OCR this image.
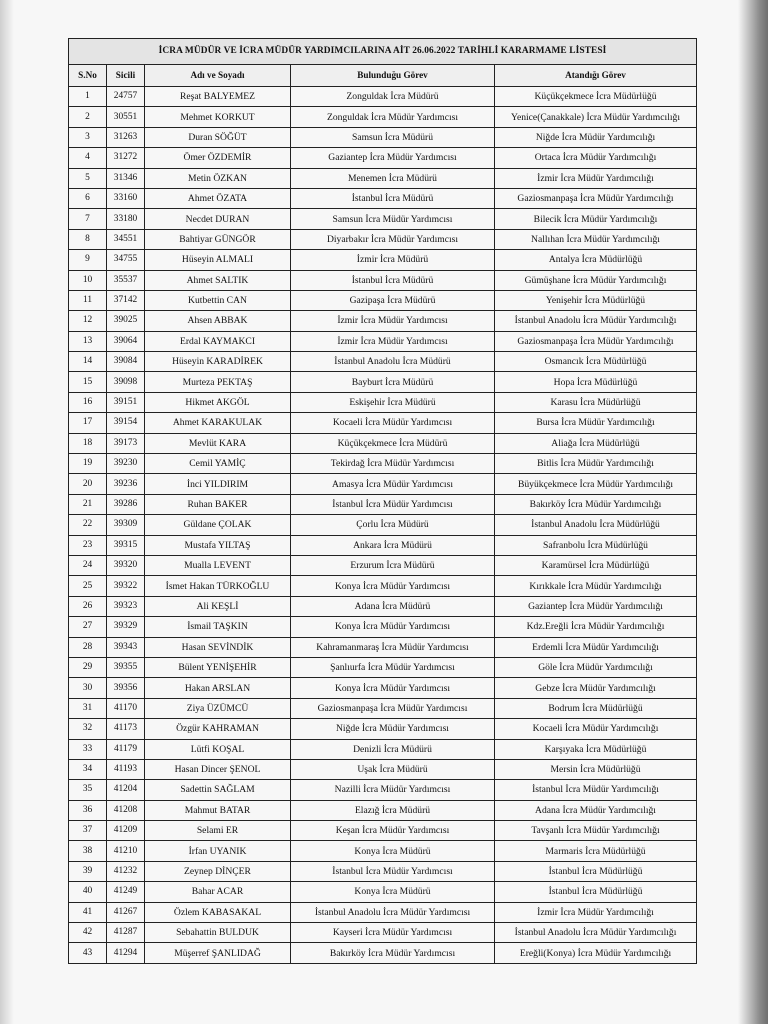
İCRA MÜDÜR VE İCRA MÜDÜR YARDIMCILARINA AİT 26.06.2022 TARİHLİ KARARMAME LİSTESİ				
S.No	Sicili	Adı ve Soyadı	Bulunduğu Görev	Atandığı Görev
1	24757	Reşat BALYEMEZ	Zonguldak İcra Müdürü	Küçükçekmece İcra Müdürlüğü
2	30551	Mehmet KORKUT	Zonguldak İcra Müdür Yardımcısı	Yenice(Çanakkale) İcra Müdür Yardımcılığı
3	31263	Duran SÖĞÜT	Samsun İcra Müdürü	Niğde İcra Müdür Yardımcılığı
4	31272	Ömer ÖZDEMİR	Gaziantep İcra Müdür Yardımcısı	Ortaca İcra Müdür Yardımcılığı
5	31346	Metin ÖZKAN	Menemen İcra Müdürü	İzmir İcra Müdür Yardımcılığı
6	33160	Ahmet ÖZATA	İstanbul İcra Müdürü	Gaziosmanpaşa İcra Müdür Yardımcılığı
7	33180	Necdet DURAN	Samsun İcra Müdür Yardımcısı	Bilecik İcra Müdür Yardımcılığı
8	34551	Bahtiyar GÜNGÖR	Diyarbakır İcra Müdür Yardımcısı	Nallıhan İcra Müdür Yardımcılığı
9	34755	Hüseyin ALMALI	İzmir İcra Müdürü	Antalya İcra Müdürlüğü
10	35537	Ahmet SALTIK	İstanbul İcra Müdürü	Gümüşhane İcra Müdür Yardımcılığı
11	37142	Kutbettin CAN	Gazipaşa İcra Müdürü	Yenişehir İcra Müdürlüğü
12	39025	Ahsen ABBAK	İzmir İcra Müdür Yardımcısı	İstanbul Anadolu İcra Müdür Yardımcılığı
13	39064	Erdal KAYMAKCI	İzmir İcra Müdür Yardımcısı	Gaziosmanpaşa İcra Müdür Yardımcılığı
14	39084	Hüseyin KARADİREK	İstanbul Anadolu İcra Müdürü	Osmancık İcra Müdürlüğü
15	39098	Murteza PEKTAŞ	Bayburt İcra Müdürü	Hopa İcra Müdürlüğü
16	39151	Hikmet AKGÖL	Eskişehir İcra Müdürü	Karasu İcra Müdürlüğü
17	39154	Ahmet KARAKULAK	Kocaeli İcra Müdür Yardımcısı	Bursa İcra Müdür Yardımcılığı
18	39173	Mevlüt KARA	Küçükçekmece İcra Müdürü	Aliağa İcra Müdürlüğü
19	39230	Cemil YAMİÇ	Tekirdağ İcra Müdür Yardımcısı	Bitlis İcra Müdür Yardımcılığı
20	39236	İnci YILDIRIM	Amasya İcra Müdür Yardımcısı	Büyükçekmece İcra Müdür Yardımcılığı
21	39286	Ruhan BAKER	İstanbul İcra Müdür Yardımcısı	Bakırköy İcra Müdür Yardımcılığı
22	39309	Güldane ÇOLAK	Çorlu İcra Müdürü	İstanbul Anadolu İcra Müdürlüğü
23	39315	Mustafa YILTAŞ	Ankara İcra Müdürü	Safranbolu İcra Müdürlüğü
24	39320	Mualla LEVENT	Erzurum İcra Müdürü	Karamürsel İcra Müdürlüğü
25	39322	İsmet Hakan TÜRKOĞLU	Konya İcra Müdür Yardımcısı	Kırıkkale İcra Müdür Yardımcılığı
26	39323	Ali KEŞLİ	Adana İcra Müdürü	Gaziantep İcra Müdür Yardımcılığı
27	39329	İsmail TAŞKIN	Konya İcra Müdür Yardımcısı	Kdz.Ereğli İcra Müdür Yardımcılığı
28	39343	Hasan SEVİNDİK	Kahramanmaraş İcra Müdür Yardımcısı	Erdemli İcra Müdür Yardımcılığı
29	39355	Bülent YENİŞEHİR	Şanlıurfa İcra Müdür Yardımcısı	Göle İcra Müdür Yardımcılığı
30	39356	Hakan ARSLAN	Konya İcra Müdür Yardımcısı	Gebze İcra Müdür Yardımcılığı
31	41170	Ziya ÜZÜMCÜ	Gaziosmanpaşa İcra Müdür Yardımcısı	Bodrum İcra Müdürlüğü
32	41173	Özgür KAHRAMAN	Niğde İcra Müdür Yardımcısı	Kocaeli İcra Müdür Yardımcılığı
33	41179	Lütfi KOŞAL	Denizli İcra Müdürü	Karşıyaka İcra Müdürlüğü
34	41193	Hasan Dincer ŞENOL	Uşak İcra Müdürü	Mersin İcra Müdürlüğü
35	41204	Sadettin SAĞLAM	Nazilli İcra Müdür Yardımcısı	İstanbul İcra Müdür Yardımcılığı
36	41208	Mahmut BATAR	Elazığ İcra Müdürü	Adana İcra Müdür Yardımcılığı
37	41209	Selami ER	Keşan İcra Müdür Yardımcısı	Tavşanlı İcra Müdür Yardımcılığı
38	41210	İrfan UYANIK	Konya İcra Müdürü	Marmaris İcra Müdürlüğü
39	41232	Zeynep DİNÇER	İstanbul İcra Müdür Yardımcısı	İstanbul İcra Müdürlüğü
40	41249	Bahar ACAR	Konya İcra Müdürü	İstanbul İcra Müdürlüğü
41	41267	Özlem KABASAKAL	İstanbul Anadolu İcra Müdür Yardımcısı	İzmir İcra Müdür Yardımcılığı
42	41287	Sebahattin BULDUK	Kayseri İcra Müdür Yardımcısı	İstanbul Anadolu İcra Müdür Yardımcılığı
43	41294	Müşerref ŞANLIDAĞ	Bakırköy İcra Müdür Yardımcısı	Ereğli(Konya) İcra Müdür Yardımcılığı
